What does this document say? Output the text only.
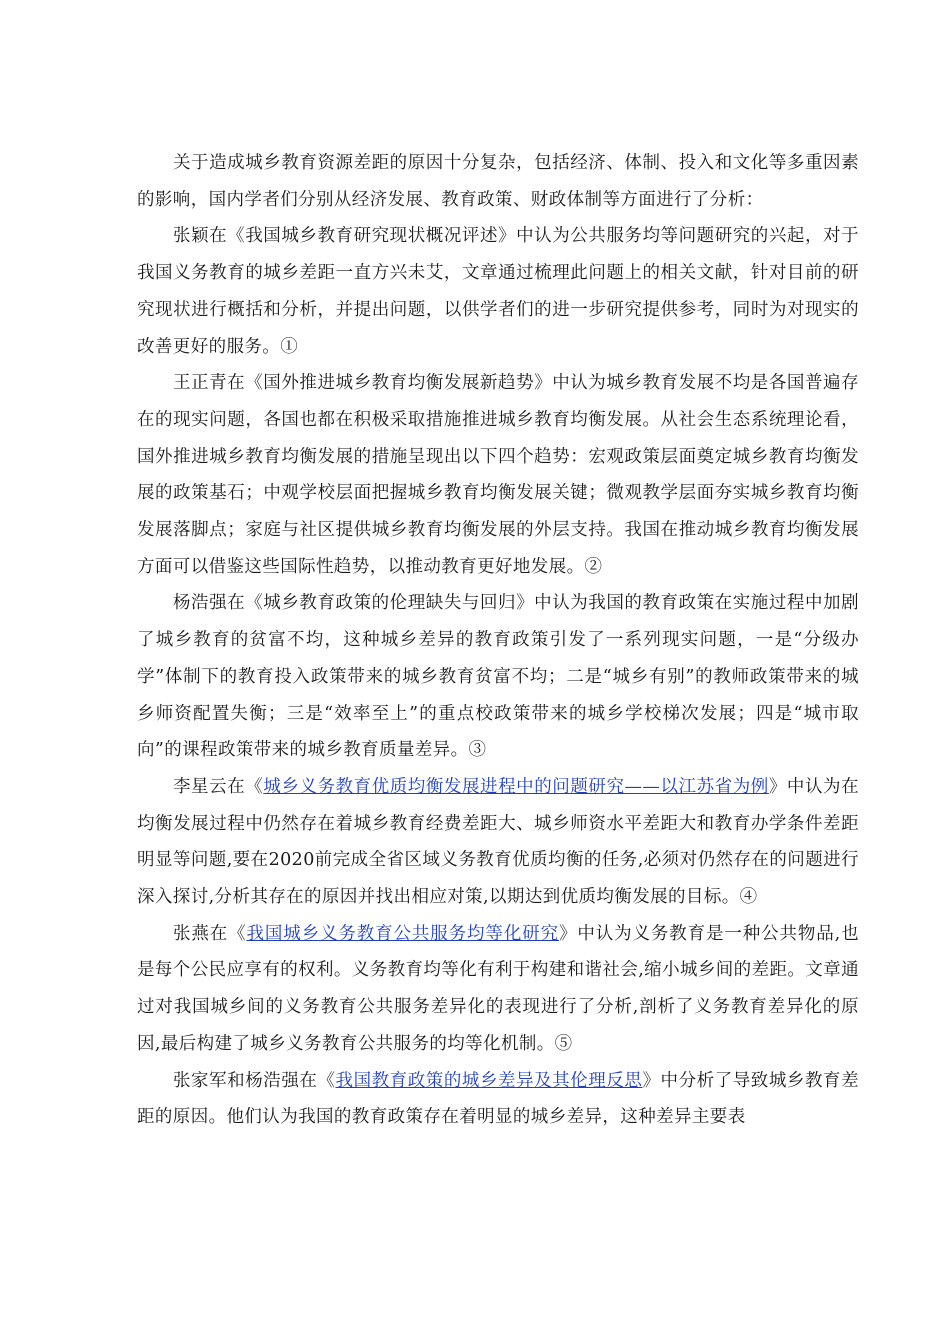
关于造成城乡教育资源差距的原因十分复杂，包括经济、体制、投入和文化等多重因素的影响，国内学者们分别从经济发展、教育政策、财政体制等方面进行了分析：

张颖在《我国城乡教育研究现状概况评述》中认为公共服务均等问题研究的兴起，对于我国义务教育的城乡差距一直方兴未艾，文章通过梳理此问题上的相关文献，针对目前的研究现状进行概括和分析，并提出问题，以供学者们的进一步研究提供参考，同时为对现实的改善更好的服务。①

王正青在《国外推进城乡教育均衡发展新趋势》中认为城乡教育发展不均是各国普遍存在的现实问题，各国也都在积极采取措施推进城乡教育均衡发展。从社会生态系统理论看，国外推进城乡教育均衡发展的措施呈现出以下四个趋势：宏观政策层面奠定城乡教育均衡发展的政策基石；中观学校层面把握城乡教育均衡发展关键；微观教学层面夯实城乡教育均衡发展落脚点；家庭与社区提供城乡教育均衡发展的外层支持。我国在推动城乡教育均衡发展方面可以借鉴这些国际性趋势，以推动教育更好地发展。②

杨浩强在《城乡教育政策的伦理缺失与回归》中认为我国的教育政策在实施过程中加剧了城乡教育的贫富不均，这种城乡差异的教育政策引发了一系列现实问题，一是“分级办学”体制下的教育投入政策带来的城乡教育贫富不均；二是“城乡有别”的教师政策带来的城乡师资配置失衡；三是“效率至上”的重点校政策带来的城乡学校梯次发展；四是“城市取向”的课程政策带来的城乡教育质量差异。③

李星云在《城乡义务教育优质均衡发展进程中的问题研究——以江苏省为例》中认为在均衡发展过程中仍然存在着城乡教育经费差距大、城乡师资水平差距大和教育办学条件差距明显等问题,要在2020前完成全省区域义务教育优质均衡的任务,必须对仍然存在的问题进行深入探讨,分析其存在的原因并找出相应对策,以期达到优质均衡发展的目标。④

张燕在《我国城乡义务教育公共服务均等化研究》中认为义务教育是一种公共物品,也是每个公民应享有的权利。义务教育均等化有利于构建和谐社会,缩小城乡间的差距。文章通过对我国城乡间的义务教育公共服务差异化的表现进行了分析,剖析了义务教育差异化的原因,最后构建了城乡义务教育公共服务的均等化机制。⑤

张家军和杨浩强在《我国教育政策的城乡差异及其伦理反思》中分析了导致城乡教育差距的原因。他们认为我国的教育政策存在着明显的城乡差异，这种差异主要表
